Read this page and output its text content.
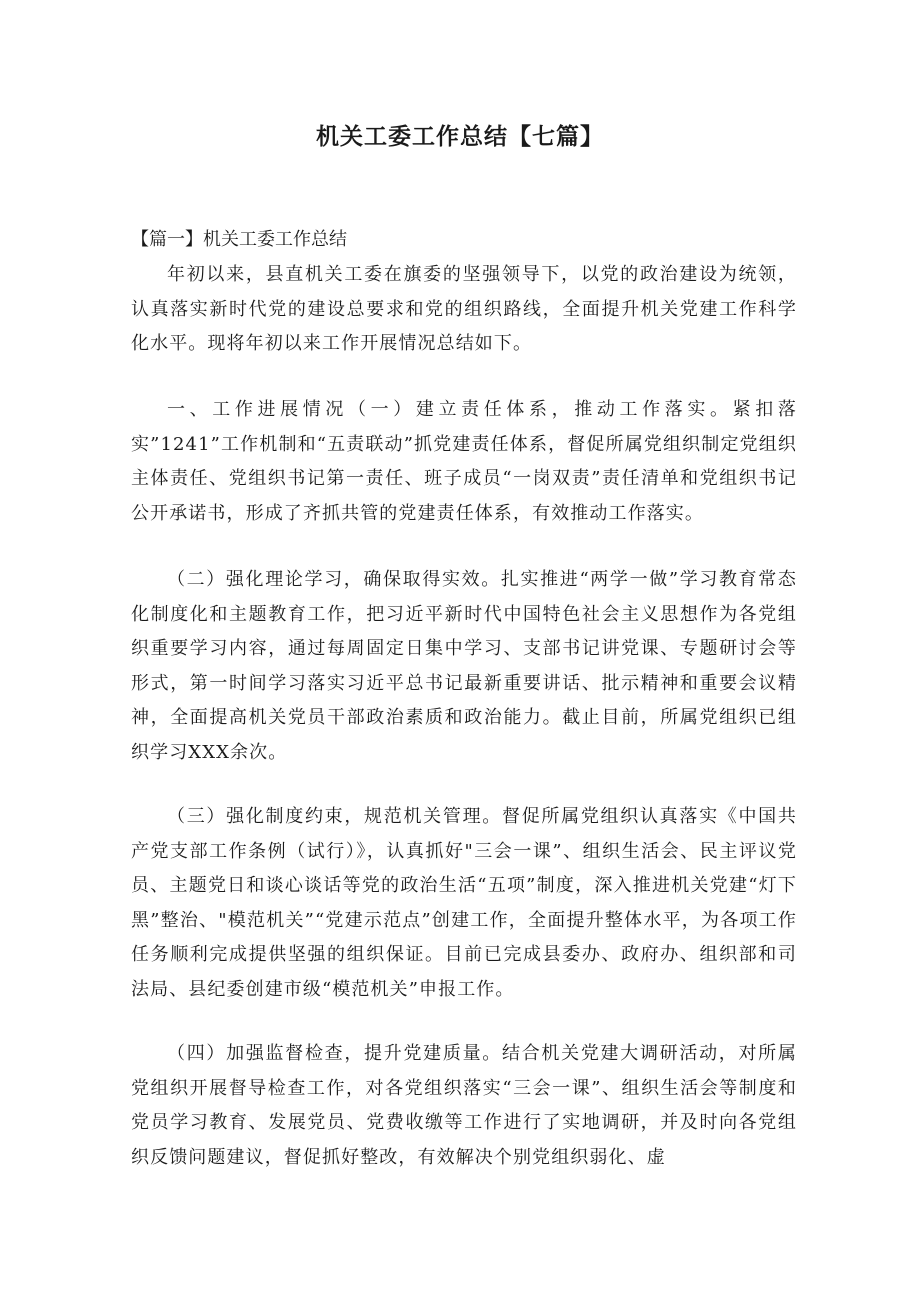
机关工委工作总结【七篇】
【篇一】机关工委工作总结

年初以来，县直机关工委在旗委的坚强领导下，以党的政治建设为统领，认真落实新时代党的建设总要求和党的组织路线，全面提升机关党建工作科学化水平。现将年初以来工作开展情况总结如下。

一、工作进展情况（一）建立责任体系，推动工作落实。紧扣落实”1241”工作机制和“五责联动”抓党建责任体系，督促所属党组织制定党组织主体责任、党组织书记第一责任、班子成员“一岗双责”责任清单和党组织书记公开承诺书，形成了齐抓共管的党建责任体系，有效推动工作落实。

（二）强化理论学习，确保取得实效。扎实推进“两学一做”学习教育常态化制度化和主题教育工作，把习近平新时代中国特色社会主义思想作为各党组织重要学习内容，通过每周固定日集中学习、支部书记讲党课、专题研讨会等形式，第一时间学习落实习近平总书记最新重要讲话、批示精神和重要会议精神，全面提高机关党员干部政治素质和政治能力。截止目前，所属党组织已组织学习XXX余次。

（三）强化制度约束，规范机关管理。督促所属党组织认真落实《中国共产党支部工作条例（试行）》，认真抓好"三会一课”、组织生活会、民主评议党员、主题党日和谈心谈话等党的政治生活“五项”制度，深入推进机关党建“灯下黑”整治、"模范机关”“党建示范点”创建工作，全面提升整体水平，为各项工作任务顺利完成提供坚强的组织保证。目前已完成县委办、政府办、组织部和司法局、县纪委创建市级“模范机关”申报工作。

（四）加强监督检查，提升党建质量。结合机关党建大调研活动，对所属党组织开展督导检查工作，对各党组织落实“三会一课”、组织生活会等制度和党员学习教育、发展党员、党费收缴等工作进行了实地调研，并及时向各党组织反馈问题建议，督促抓好整改，有效解决个别党组织弱化、虚
